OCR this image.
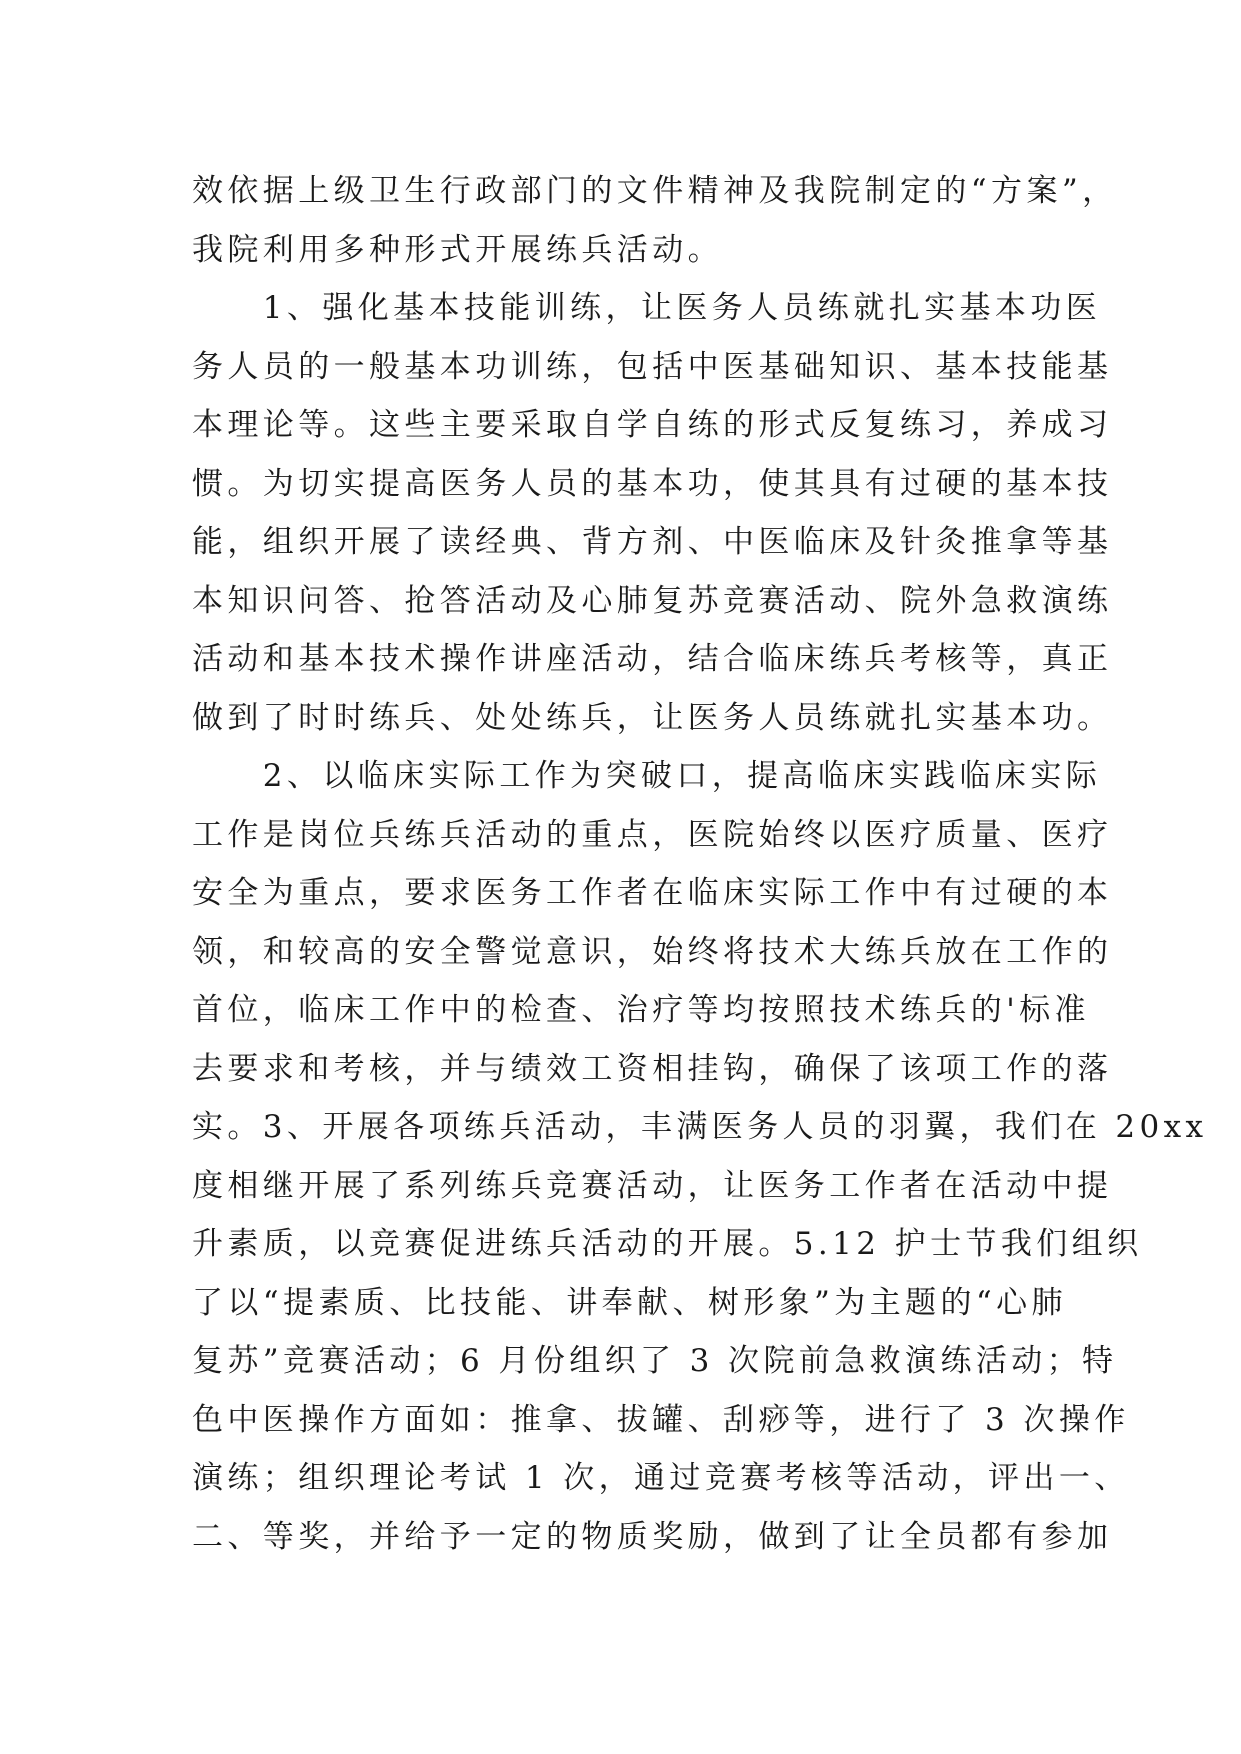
效依据上级卫生行政部门的文件精神及我院制定的“方案”，
我院利用多种形式开展练兵活动。
　　1、强化基本技能训练，让医务人员练就扎实基本功医
务人员的一般基本功训练，包括中医基础知识、基本技能基
本理论等。这些主要采取自学自练的形式反复练习，养成习
惯。为切实提高医务人员的基本功，使其具有过硬的基本技
能，组织开展了读经典、背方剂、中医临床及针灸推拿等基
本知识问答、抢答活动及心肺复苏竞赛活动、院外急救演练
活动和基本技术操作讲座活动，结合临床练兵考核等，真正
做到了时时练兵、处处练兵，让医务人员练就扎实基本功。
　　2、以临床实际工作为突破口，提高临床实践临床实际
工作是岗位兵练兵活动的重点，医院始终以医疗质量、医疗
安全为重点，要求医务工作者在临床实际工作中有过硬的本
领，和较高的安全警觉意识，始终将技术大练兵放在工作的
首位，临床工作中的检查、治疗等均按照技术练兵的'标准
去要求和考核，并与绩效工资相挂钩，确保了该项工作的落
实。3、开展各项练兵活动，丰满医务人员的羽翼，我们在 20xx
度相继开展了系列练兵竞赛活动，让医务工作者在活动中提
升素质，以竞赛促进练兵活动的开展。5.12 护士节我们组织
了以“提素质、比技能、讲奉献、树形象”为主题的“心肺
复苏”竞赛活动；6 月份组织了 3 次院前急救演练活动；特
色中医操作方面如：推拿、拔罐、刮痧等，进行了 3 次操作
演练；组织理论考试 1 次，通过竞赛考核等活动，评出一、
二、等奖，并给予一定的物质奖励，做到了让全员都有参加
